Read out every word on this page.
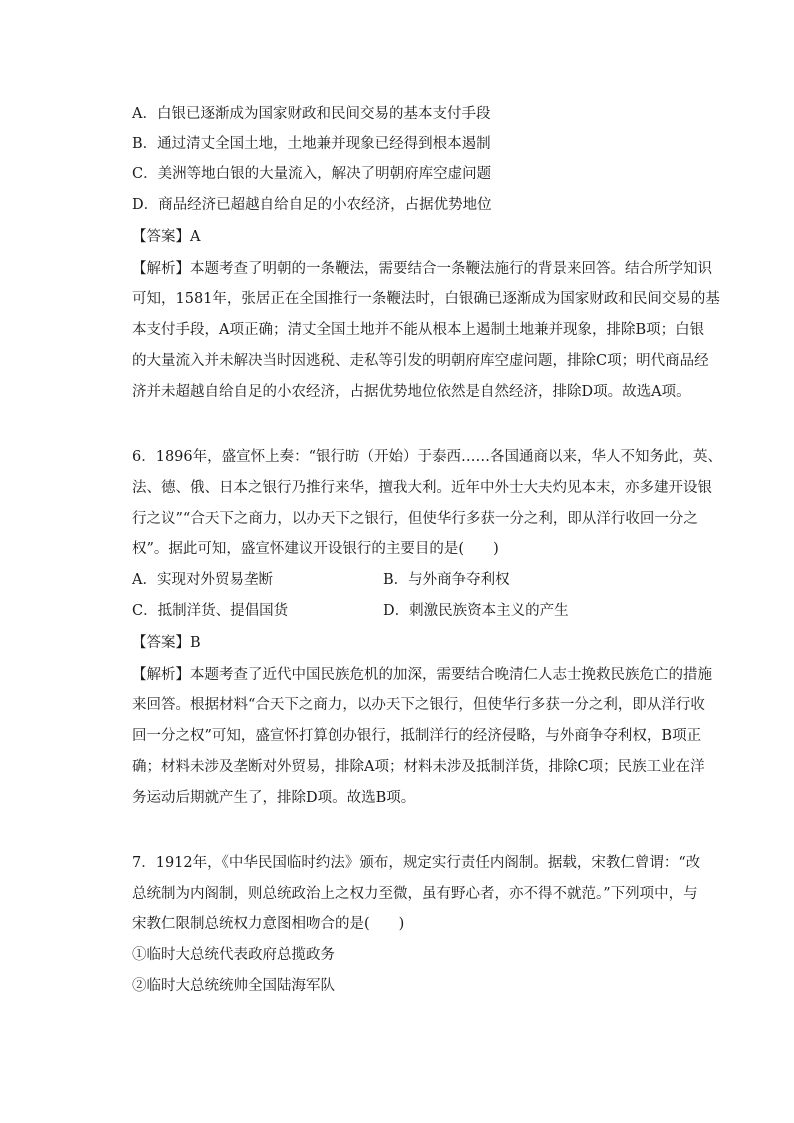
A．白银已逐渐成为国家财政和民间交易的基本支付手段
B．通过清丈全国土地，土地兼并现象已经得到根本遏制
C．美洲等地白银的大量流入，解决了明朝府库空虚问题
D．商品经济已超越自给自足的小农经济，占据优势地位
【答案】A
【解析】本题考查了明朝的一条鞭法，需要结合一条鞭法施行的背景来回答。结合所学知识
可知，1581年，张居正在全国推行一条鞭法时，白银确已逐渐成为国家财政和民间交易的基
本支付手段，A项正确；清丈全国土地并不能从根本上遏制土地兼并现象，排除B项；白银
的大量流入并未解决当时因逃税、走私等引发的明朝府库空虚问题，排除C项；明代商品经
济并未超越自给自足的小农经济，占据优势地位依然是自然经济，排除D项。故选A项。
6．1896年，盛宣怀上奏：“银行昉（开始）于泰西……各国通商以来，华人不知务此，英、
法、德、俄、日本之银行乃推行来华，擅我大利。近年中外士大夫灼见本末，亦多建开设银
行之议”“合天下之商力，以办天下之银行，但使华行多获一分之利，即从洋行收回一分之
权”。据此可知，盛宣怀建议开设银行的主要目的是(　　)
A．实现对外贸易垄断	B．与外商争夺利权
C．抵制洋货、提倡国货	D．刺激民族资本主义的产生
【答案】B
【解析】本题考查了近代中国民族危机的加深，需要结合晚清仁人志士挽救民族危亡的措施
来回答。根据材料“合天下之商力，以办天下之银行，但使华行多获一分之利，即从洋行收
回一分之权”可知，盛宣怀打算创办银行，抵制洋行的经济侵略，与外商争夺利权，B项正
确；材料未涉及垄断对外贸易，排除A项；材料未涉及抵制洋货，排除C项；民族工业在洋
务运动后期就产生了，排除D项。故选B项。
7．1912年，《中华民国临时约法》颁布，规定实行责任内阁制。据载，宋教仁曾谓：“改
总统制为内阁制，则总统政治上之权力至微，虽有野心者，亦不得不就范。”下列项中，与
宋教仁限制总统权力意图相吻合的是(　　)
①临时大总统代表政府总揽政务
②临时大总统统帅全国陆海军队
